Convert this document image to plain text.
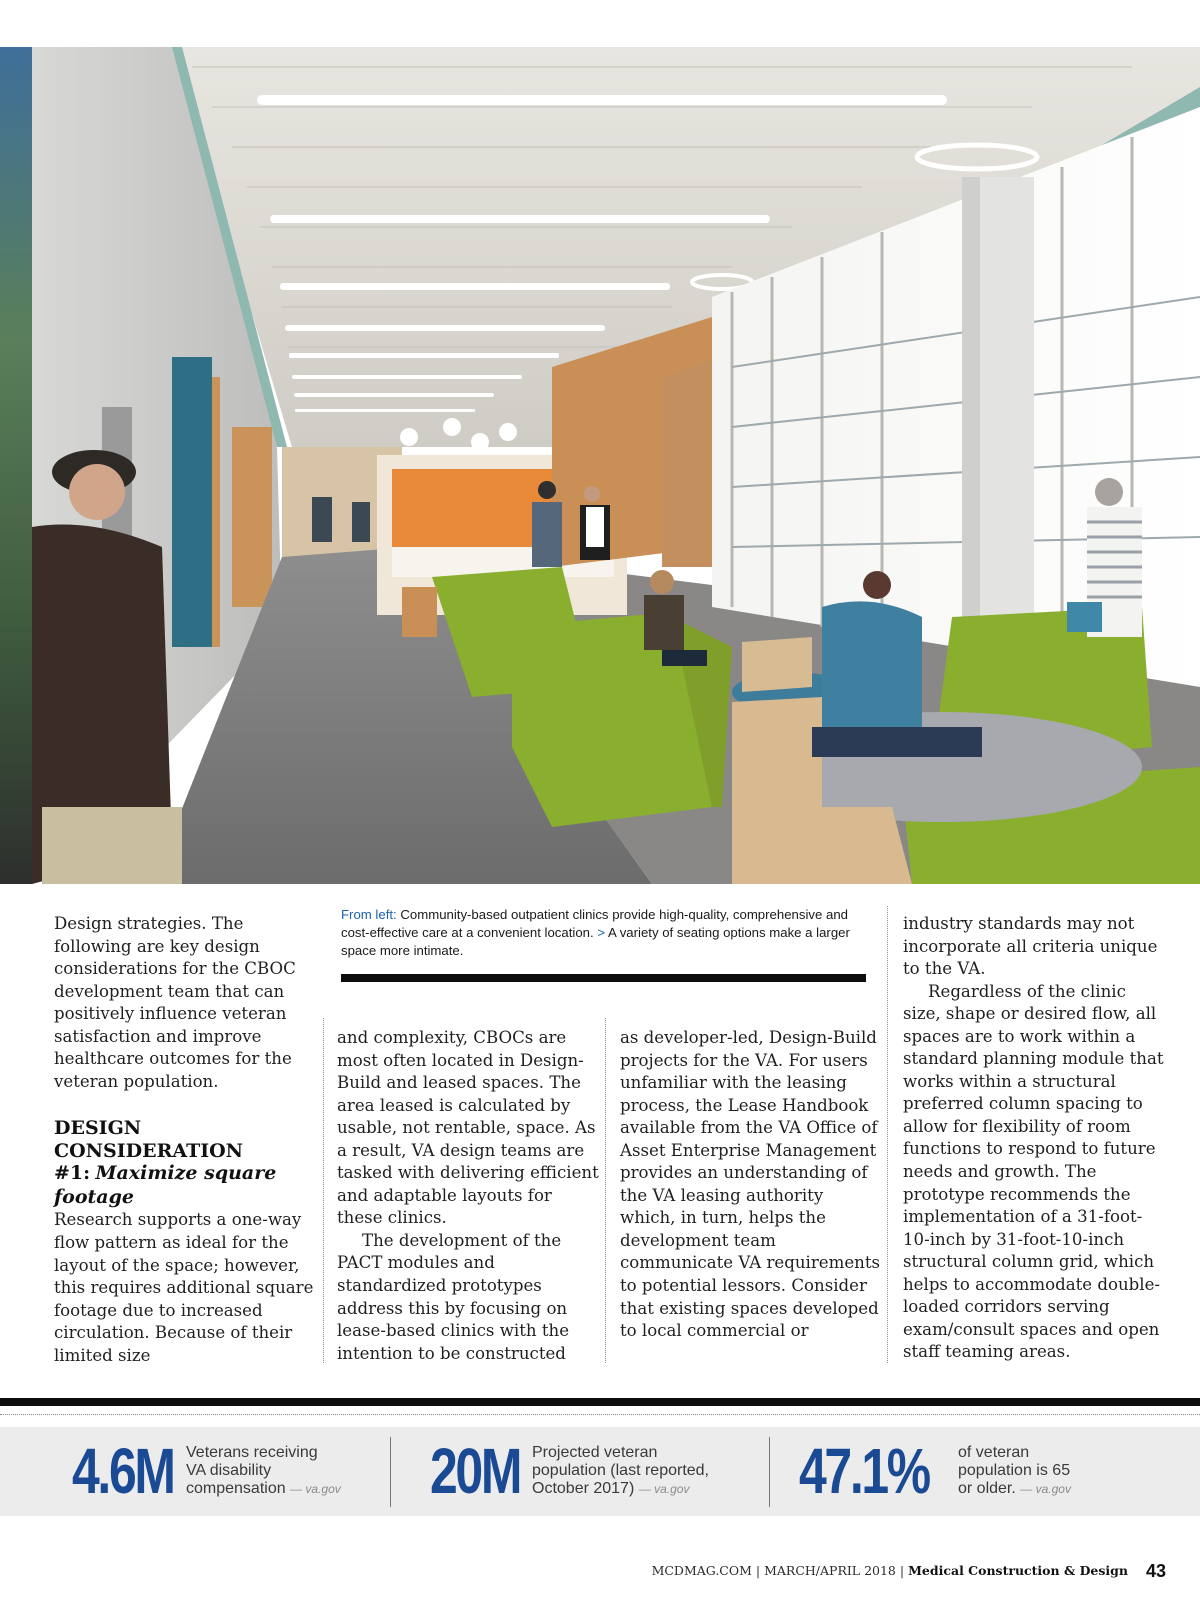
Design strategies. The following are key design considerations for the CBOC development team that can positively influence veteran satisfaction and improve healthcare outcomes for the veteran population.

DESIGN
CONSIDERATION
#1: Maximize square footage

Research supports a one-way flow pattern as ideal for the layout of the space; however, this requires additional square footage due to increased circulation. Because of their limited size

From left: Community-based outpatient clinics provide high-quality, comprehensive and cost-effective care at a convenient location. > A variety of seating options make a larger space more intimate.

and complexity, CBOCs are most often located in Design-Build and leased spaces. The area leased is calculated by usable, not rentable, space. As a result, VA design teams are tasked with delivering efficient and adaptable layouts for these clinics.

The development of the PACT modules and standardized prototypes address this by focusing on lease-based clinics with the intention to be constructed

as developer-led, Design-Build projects for the VA. For users unfamiliar with the leasing process, the Lease Handbook available from the VA Office of Asset Enterprise Management provides an understanding of the VA leasing authority which, in turn, helps the development team communicate VA requirements to potential lessors. Consider that existing spaces developed to local commercial or

industry standards may not incorporate all criteria unique to the VA.

Regardless of the clinic size, shape or desired flow, all spaces are to work within a standard planning module that works within a structural preferred column spacing to allow for flexibility of room functions to respond to future needs and growth. The prototype recommends the implementation of a 31-foot-10-inch by 31-foot-10-inch structural column grid, which helps to accommodate double-loaded corridors serving exam/consult spaces and open staff teaming areas.

4.6M Veterans receiving
VA disability
compensation — va.gov	20M Projected veteran
population (last reported,
October 2017) — va.gov	47.1% of veteran
population is 65
or older. — va.gov
MCDMAG.COM | MARCH/APRIL 2018 | Medical Construction & Design 43
